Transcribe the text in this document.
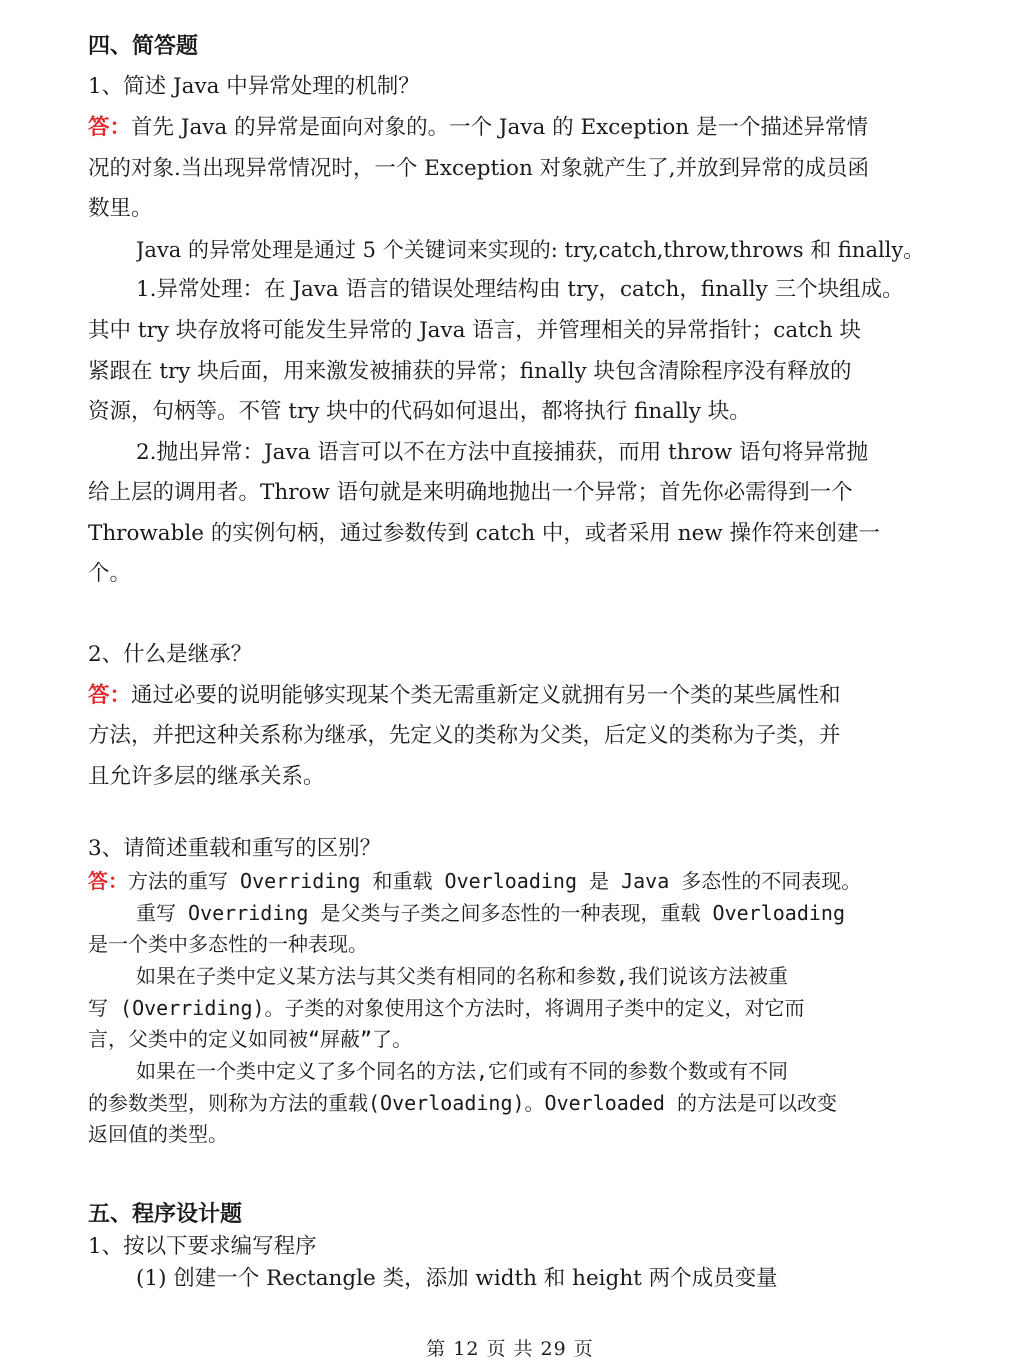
四、简答题
1、简述 Java 中异常处理的机制？
答：首先 Java 的异常是面向对象的。一个 Java 的 Exception 是一个描述异常情
况的对象.当出现异常情况时，一个 Exception 对象就产生了,并放到异常的成员函
数里。
Java 的异常处理是通过 5 个关键词来实现的: try,catch,throw,throws 和 finally。
1.异常处理：在 Java 语言的错误处理结构由 try，catch，finally 三个块组成。
其中 try 块存放将可能发生异常的 Java 语言，并管理相关的异常指针；catch 块
紧跟在 try 块后面，用来激发被捕获的异常；finally 块包含清除程序没有释放的
资源，句柄等。不管 try 块中的代码如何退出，都将执行 finally 块。
2.抛出异常：Java 语言可以不在方法中直接捕获，而用 throw 语句将异常抛
给上层的调用者。Throw 语句就是来明确地抛出一个异常；首先你必需得到一个
Throwable 的实例句柄，通过参数传到 catch 中，或者采用 new 操作符来创建一
个。
2、什么是继承？
答：通过必要的说明能够实现某个类无需重新定义就拥有另一个类的某些属性和
方法，并把这种关系称为继承，先定义的类称为父类，后定义的类称为子类，并
且允许多层的继承关系。
3、请简述重载和重写的区别？
答：方法的重写 Overriding 和重载 Overloading 是 Java 多态性的不同表现。
重写 Overriding 是父类与子类之间多态性的一种表现，重载 Overloading
是一个类中多态性的一种表现。
如果在子类中定义某方法与其父类有相同的名称和参数,我们说该方法被重
写 (Overriding)。子类的对象使用这个方法时，将调用子类中的定义，对它而
言，父类中的定义如同被“屏蔽”了。
如果在一个类中定义了多个同名的方法,它们或有不同的参数个数或有不同
的参数类型，则称为方法的重载(Overloading)。Overloaded 的方法是可以改变
返回值的类型。
五、程序设计题
1、按以下要求编写程序
(1) 创建一个 Rectangle 类，添加 width 和 height 两个成员变量
第 12 页 共 29 页
